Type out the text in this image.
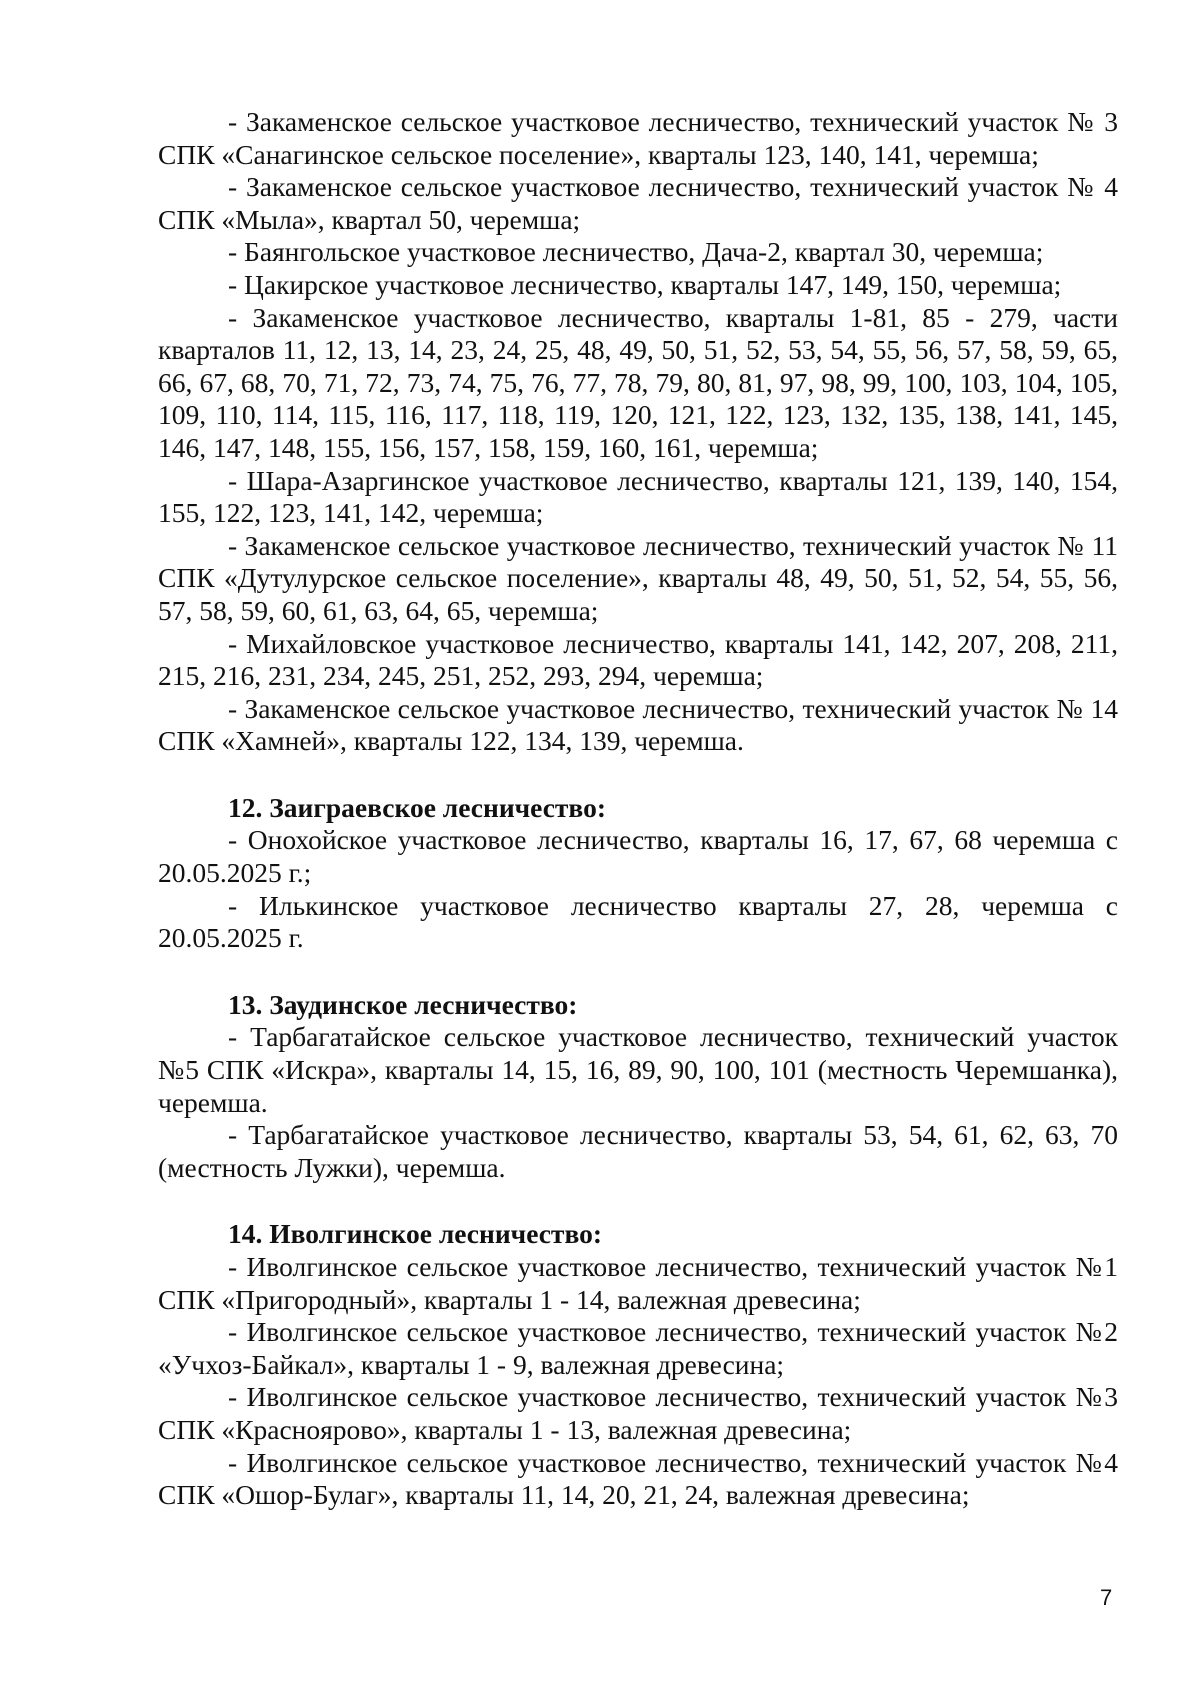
- Закаменское сельское участковое лесничество, технический участок № 3 СПК «Санагинское сельское поселение», кварталы 123, 140, 141, черемша;

- Закаменское сельское участковое лесничество, технический участок № 4 СПК «Мыла», квартал 50, черемша;

- Баянгольское участковое лесничество, Дача-2, квартал 30, черемша;

- Цакирское участковое лесничество, кварталы 147, 149, 150, черемша;

- Закаменское участковое лесничество, кварталы 1-81, 85 - 279, части кварталов 11, 12, 13, 14, 23, 24, 25, 48, 49, 50, 51, 52, 53, 54, 55, 56, 57, 58, 59, 65, 66, 67, 68, 70, 71, 72, 73, 74, 75, 76, 77, 78, 79, 80, 81, 97, 98, 99, 100, 103, 104, 105, 109, 110, 114, 115, 116, 117, 118, 119, 120, 121, 122, 123, 132, 135, 138, 141, 145, 146, 147, 148, 155, 156, 157, 158, 159, 160, 161, черемша;

- Шара-Азаргинское участковое лесничество, кварталы 121, 139, 140, 154, 155, 122, 123, 141, 142, черемша;

- Закаменское сельское участковое лесничество, технический участок № 11 СПК «Дутулурское сельское поселение», кварталы 48, 49, 50, 51, 52, 54, 55, 56, 57, 58, 59, 60, 61, 63, 64, 65, черемша;

- Михайловское участковое лесничество, кварталы 141, 142, 207, 208, 211, 215, 216, 231, 234, 245, 251, 252, 293, 294, черемша;

- Закаменское сельское участковое лесничество, технический участок № 14 СПК «Хамней», кварталы 122, 134, 139, черемша.

12. Заиграевское лесничество:

- Онохойское участковое лесничество, кварталы 16, 17, 67, 68 черемша с 20.05.2025 г.;

- Илькинское участковое лесничество кварталы 27, 28, черемша с 20.05.2025 г.

13. Заудинское лесничество:

- Тарбагатайское сельское участковое лесничество, технический участок №5 СПК «Искра», кварталы 14, 15, 16, 89, 90, 100, 101 (местность Черемшанка), черемша.

- Тарбагатайское участковое лесничество, кварталы 53, 54, 61, 62, 63, 70 (местность Лужки), черемша.

14. Иволгинское лесничество:

- Иволгинское сельское участковое лесничество, технический участок №1 СПК «Пригородный», кварталы 1 - 14, валежная древесина;

- Иволгинское сельское участковое лесничество, технический участок №2 «Учхоз-Байкал», кварталы 1 - 9, валежная древесина;

- Иволгинское сельское участковое лесничество, технический участок №3 СПК «Краснoярово», кварталы 1 - 13, валежная древесина;

- Иволгинское сельское участковое лесничество, технический участок №4 СПК «Ошор-Булаг», кварталы 11, 14, 20, 21, 24, валежная древесина;

7
